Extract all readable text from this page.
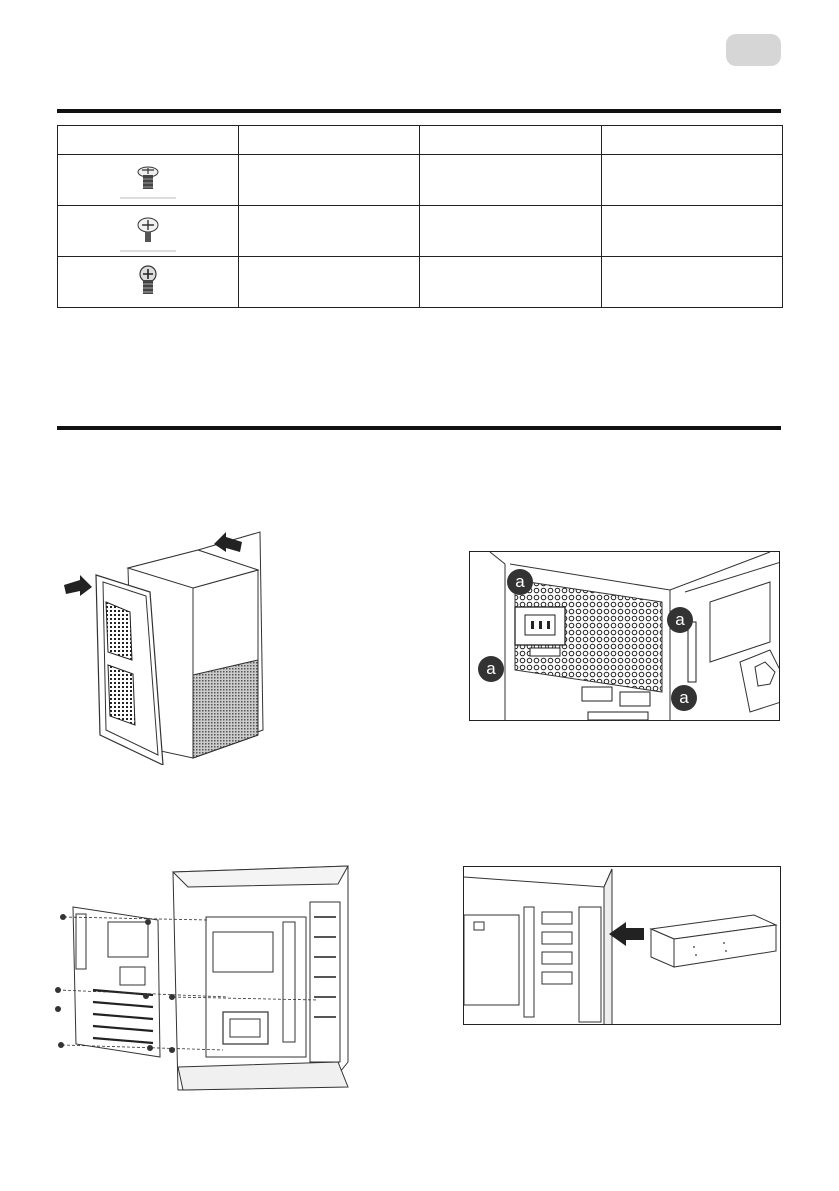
a
a
a
a
